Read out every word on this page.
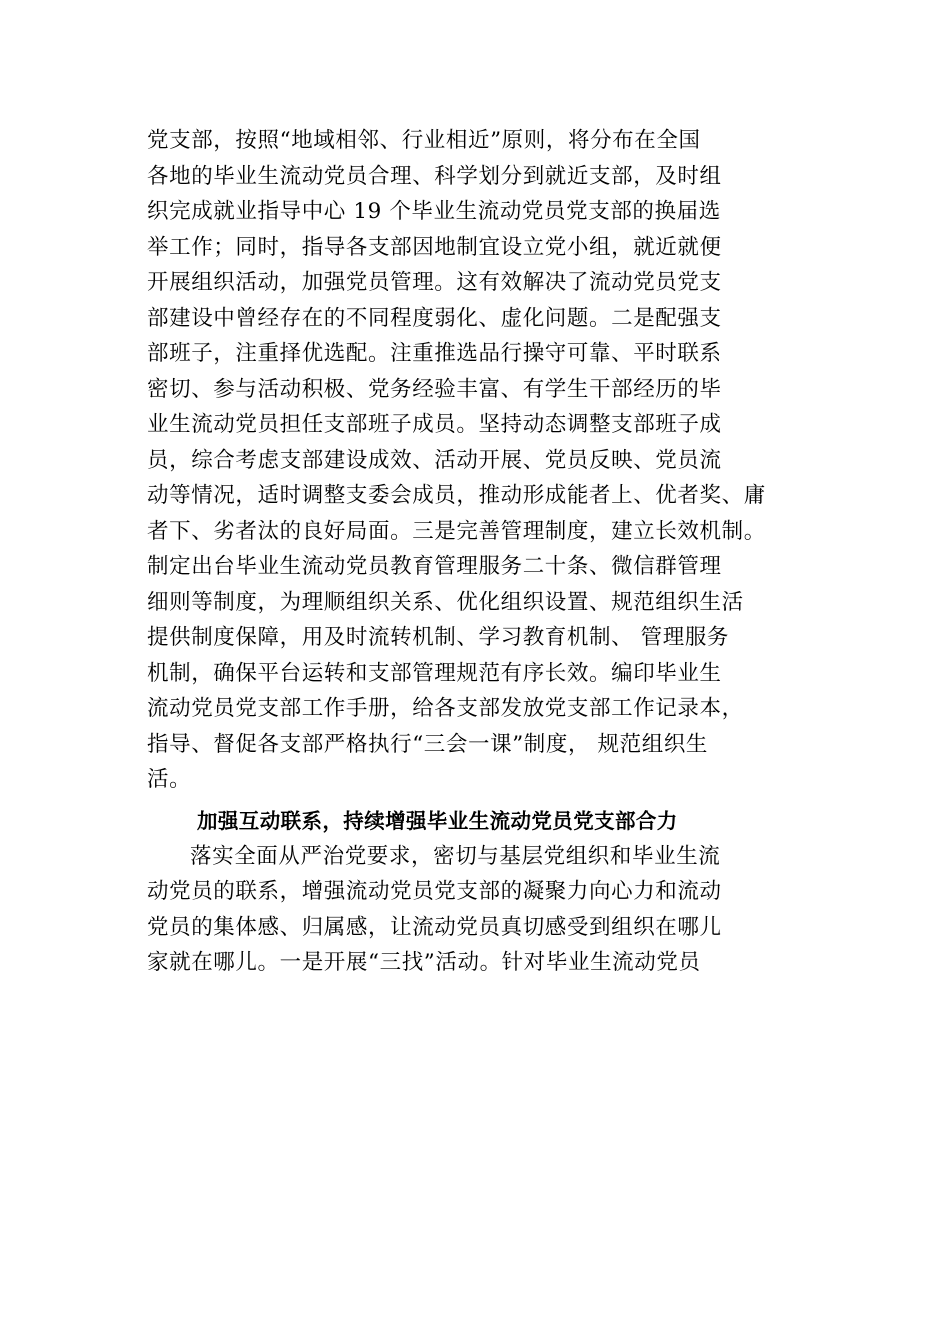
党支部，按照“地域相邻、行业相近”原则，将分布在全国
各地的毕业生流动党员合理、科学划分到就近支部，及时组
织完成就业指导中心 19 个毕业生流动党员党支部的换届选
举工作；同时，指导各支部因地制宜设立党小组，就近就便
开展组织活动，加强党员管理。这有效解决了流动党员党支
部建设中曾经存在的不同程度弱化、虚化问题。二是配强支
部班子，注重择优选配。注重推选品行操守可靠、平时联系
密切、参与活动积极、党务经验丰富、有学生干部经历的毕
业生流动党员担任支部班子成员。坚持动态调整支部班子成
员，综合考虑支部建设成效、活动开展、党员反映、党员流
动等情况，适时调整支委会成员，推动形成能者上、优者奖、庸
者下、劣者汰的良好局面。三是完善管理制度，建立长效机制。
制定出台毕业生流动党员教育管理服务二十条、微信群管理
细则等制度，为理顺组织关系、优化组织设置、规范组织生活
提供制度保障，用及时流转机制、学习教育机制、 管理服务
机制，确保平台运转和支部管理规范有序长效。编印毕业生
流动党员党支部工作手册，给各支部发放党支部工作记录本，
指导、督促各支部严格执行“三会一课”制度， 规范组织生
活。
加强互动联系，持续增强毕业生流动党员党支部合力
落实全面从严治党要求，密切与基层党组织和毕业生流
动党员的联系，增强流动党员党支部的凝聚力向心力和流动
党员的集体感、归属感，让流动党员真切感受到组织在哪儿
家就在哪儿。一是开展“三找”活动。针对毕业生流动党员
